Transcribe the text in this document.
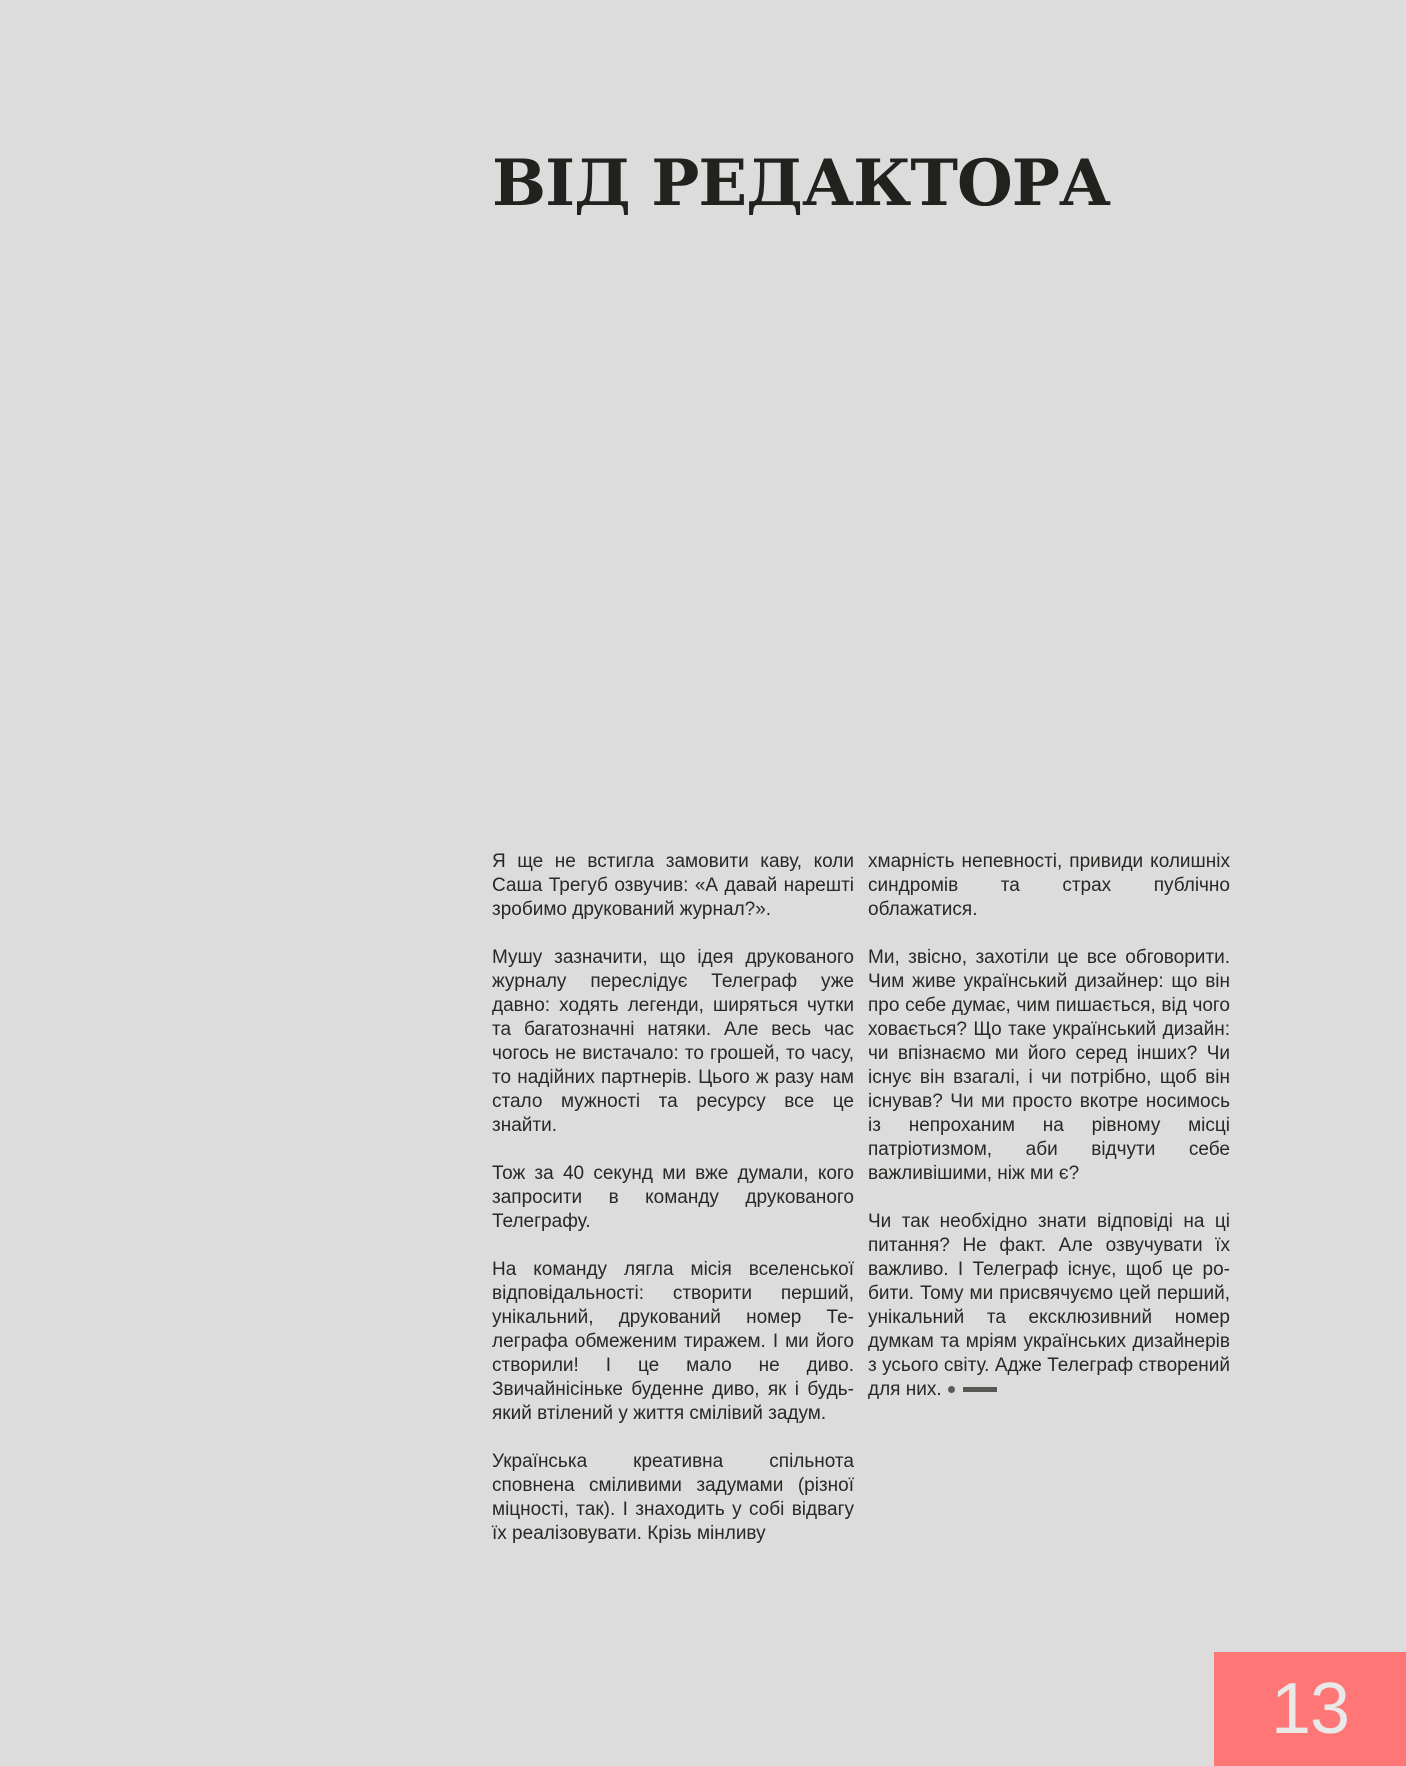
ВІД РЕДАКТОРА

Я ще не встигла замовити каву, коли Саша Трегуб озвучив: «А давай нарешті зробимо друкований журнал?».

Мушу зазначити, що ідея друкованого журналу переслідує Телеграф уже давно: ходять легенди, ширяться чутки та багатозначні натяки. Але весь час чогось не вистачало: то грошей, то часу, то надійних партнерів. Цього ж разу нам стало мужності та ресурсу все це знайти.

Тож за 40 секунд ми вже думали, кого запросити в команду друкованого Телеграфу.

На команду лягла місія вселенської відповідальності: створити перший, унікальний, друкований номер Телеграфа обмеженим тиражем. І ми його створили! І це мало не диво. Звичайнісінькe буденне диво, як і будь-який втілений у життя смілівий задум.

Українська креативна спільнота сповнена сміливими задумами (різної міцності, так). І знаходить у собі відвагу їх реалізовувати. Крізь мінливу

хмарність непевності, привиди колишніх синдромів та страх публічно облажатися.

Ми, звісно, захотіли це все обговорити. Чим живе український дизайнер: що він про себе думає, чим пишається, від чого ховається? Що таке український дизайн: чи впізнаємо ми його серед інших? Чи існує він взагалі, і чи потрібно, щоб він існував? Чи ми просто вкотре носимось із непроханим на рівному місці патріотизмом, аби відчути себе важливішими, ніж ми є?

Чи так необхідно знати відповіді на ці питання? Не факт. Але озвучувати їх важливо. І Телеграф існує, щоб це робити. Тому ми присвячуємо цей перший, унікальний та ексклюзивний номер думкам та мріям українських дизайнерів з усього світу. Адже Телеграф створений для них.

13
